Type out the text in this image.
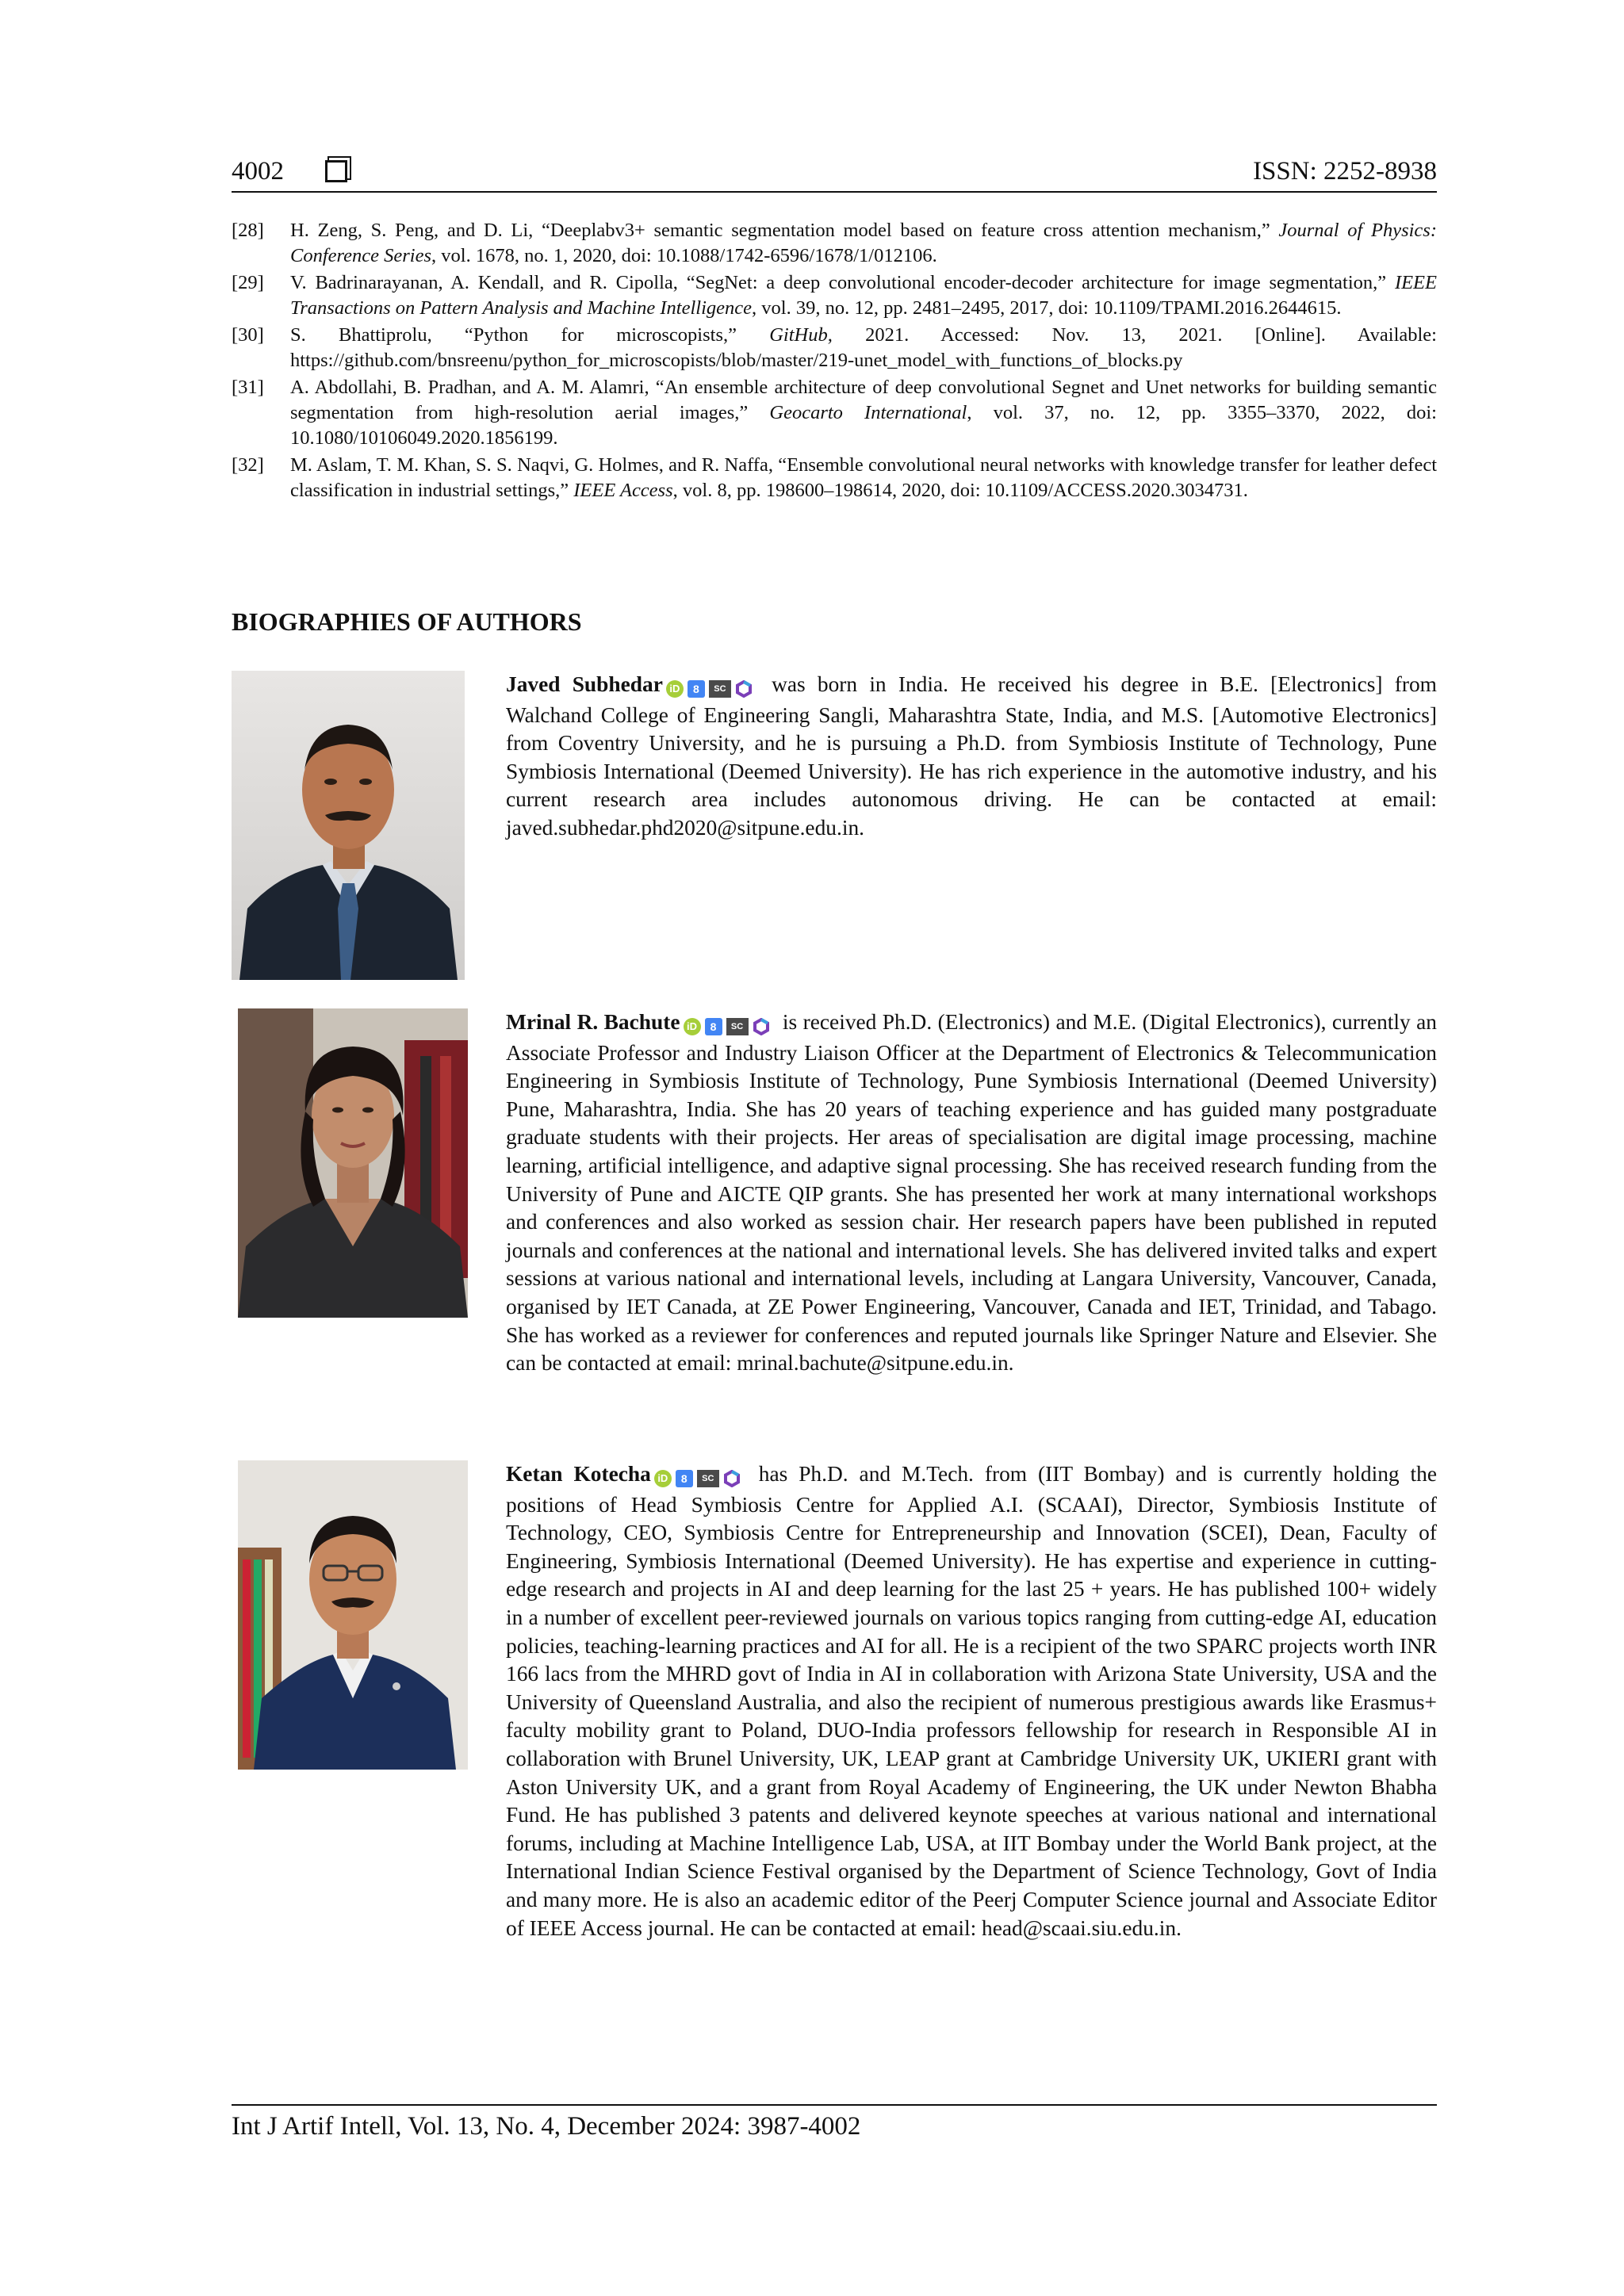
4002	ISSN: 2252-8938
[28]	H. Zeng, S. Peng, and D. Li, “Deeplabv3+ semantic segmentation model based on feature cross attention mechanism,” Journal of Physics: Conference Series, vol. 1678, no. 1, 2020, doi: 10.1088/1742-6596/1678/1/012106.
[29]	V. Badrinarayanan, A. Kendall, and R. Cipolla, “SegNet: a deep convolutional encoder-decoder architecture for image segmentation,” IEEE Transactions on Pattern Analysis and Machine Intelligence, vol. 39, no. 12, pp. 2481–2495, 2017, doi: 10.1109/TPAMI.2016.2644615.
[30]	S. Bhattiprolu, “Python for microscopists,” GitHub, 2021. Accessed: Nov. 13, 2021. [Online]. Available: https://github.com/bnsreenu/python_for_microscopists/blob/master/219-unet_model_with_functions_of_blocks.py
[31]	A. Abdollahi, B. Pradhan, and A. M. Alamri, “An ensemble architecture of deep convolutional Segnet and Unet networks for building semantic segmentation from high-resolution aerial images,” Geocarto International, vol. 37, no. 12, pp. 3355–3370, 2022, doi: 10.1080/10106049.2020.1856199.
[32]	M. Aslam, T. M. Khan, S. S. Naqvi, G. Holmes, and R. Naffa, “Ensemble convolutional neural networks with knowledge transfer for leather defect classification in industrial settings,” IEEE Access, vol. 8, pp. 198600–198614, 2020, doi: 10.1109/ACCESS.2020.3034731.
BIOGRAPHIES OF AUTHORS
Javed Subhedar iD 8 SC was born in India. He received his degree in B.E. [Electronics] from Walchand College of Engineering Sangli, Maharashtra State, India, and M.S. [Automotive Electronics] from Coventry University, and he is pursuing a Ph.D. from Symbiosis Institute of Technology, Pune Symbiosis International (Deemed University). He has rich experience in the automotive industry, and his current research area includes autonomous driving. He can be contacted at email: javed.subhedar.phd2020@sitpune.edu.in.
Mrinal R. Bachute iD 8 SC is received Ph.D. (Electronics) and M.E. (Digital Electronics), currently an Associate Professor and Industry Liaison Officer at the Department of Electronics & Telecommunication Engineering in Symbiosis Institute of Technology, Pune Symbiosis International (Deemed University) Pune, Maharashtra, India. She has 20 years of teaching experience and has guided many postgraduate graduate students with their projects. Her areas of specialisation are digital image processing, machine learning, artificial intelligence, and adaptive signal processing. She has received research funding from the University of Pune and AICTE QIP grants. She has presented her work at many international workshops and conferences and also worked as session chair. Her research papers have been published in reputed journals and conferences at the national and international levels. She has delivered invited talks and expert sessions at various national and international levels, including at Langara University, Vancouver, Canada, organised by IET Canada, at ZE Power Engineering, Vancouver, Canada and IET, Trinidad, and Tabago. She has worked as a reviewer for conferences and reputed journals like Springer Nature and Elsevier. She can be contacted at email: mrinal.bachute@sitpune.edu.in.
Ketan Kotecha iD 8 SC has Ph.D. and M.Tech. from (IIT Bombay) and is currently holding the positions of Head Symbiosis Centre for Applied A.I. (SCAAI), Director, Symbiosis Institute of Technology, CEO, Symbiosis Centre for Entrepreneurship and Innovation (SCEI), Dean, Faculty of Engineering, Symbiosis International (Deemed University). He has expertise and experience in cutting-edge research and projects in AI and deep learning for the last 25 + years. He has published 100+ widely in a number of excellent peer-reviewed journals on various topics ranging from cutting-edge AI, education policies, teaching-learning practices and AI for all. He is a recipient of the two SPARC projects worth INR 166 lacs from the MHRD govt of India in AI in collaboration with Arizona State University, USA and the University of Queensland Australia, and also the recipient of numerous prestigious awards like Erasmus+ faculty mobility grant to Poland, DUO-India professors fellowship for research in Responsible AI in collaboration with Brunel University, UK, LEAP grant at Cambridge University UK, UKIERI grant with Aston University UK, and a grant from Royal Academy of Engineering, the UK under Newton Bhabha Fund. He has published 3 patents and delivered keynote speeches at various national and international forums, including at Machine Intelligence Lab, USA, at IIT Bombay under the World Bank project, at the International Indian Science Festival organised by the Department of Science Technology, Govt of India and many more. He is also an academic editor of the Peerj Computer Science journal and Associate Editor of IEEE Access journal. He can be contacted at email: head@scaai.siu.edu.in.
Int J Artif Intell, Vol. 13, No. 4, December 2024: 3987-4002
